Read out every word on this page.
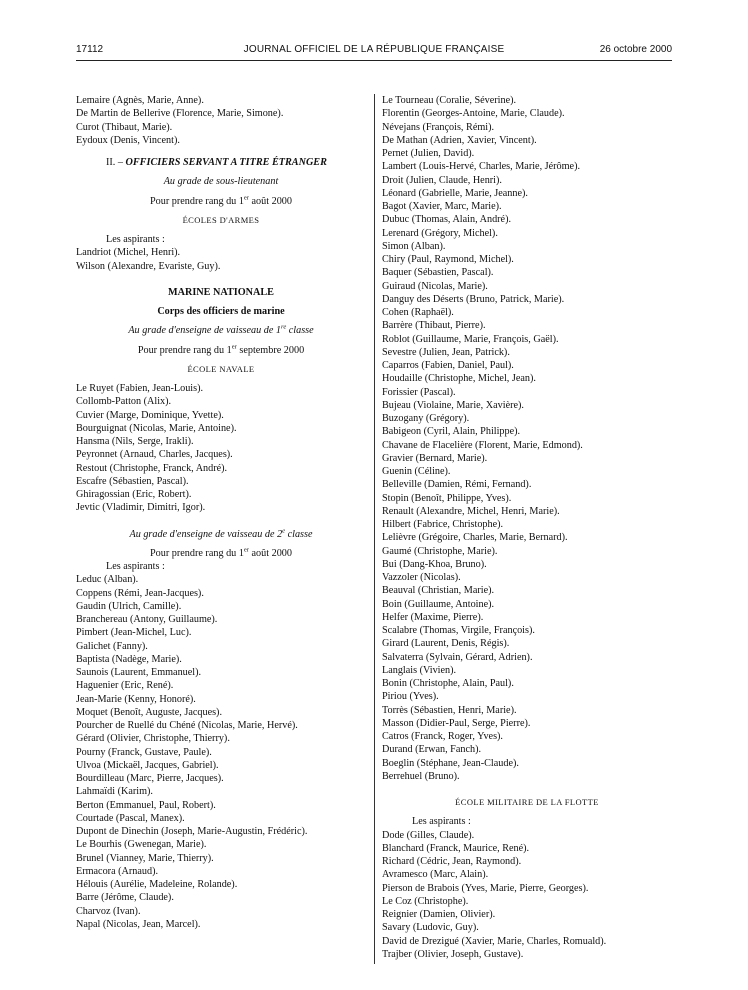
17112	JOURNAL OFFICIEL DE LA RÉPUBLIQUE FRANÇAISE	26 octobre 2000
Lemaire (Agnès, Marie, Anne).
De Martin de Bellerive (Florence, Marie, Simone).
Curot (Thibaut, Marie).
Eydoux (Denis, Vincent).
II. – OFFICIERS SERVANT A TITRE ÉTRANGER
Au grade de sous-lieutenant
Pour prendre rang du 1er août 2000
ÉCOLES D'ARMES
Les aspirants :
Landriot (Michel, Henri).
Wilson (Alexandre, Evariste, Guy).
MARINE NATIONALE
Corps des officiers de marine
Au grade d'enseigne de vaisseau de 1re classe
Pour prendre rang du 1er septembre 2000
ÉCOLE NAVALE
Le Ruyet (Fabien, Jean-Louis).
Collomb-Patton (Alix).
Cuvier (Marge, Dominique, Yvette).
Bourguignat (Nicolas, Marie, Antoine).
Hansma (Nils, Serge, Irakli).
Peyronnet (Arnaud, Charles, Jacques).
Restout (Christophe, Franck, André).
Escafre (Sébastien, Pascal).
Ghiragossian (Eric, Robert).
Jevtic (Vladimir, Dimitri, Igor).
Au grade d'enseigne de vaisseau de 2e classe
Pour prendre rang du 1er août 2000
Les aspirants :
Leduc (Alban).
Coppens (Rémi, Jean-Jacques).
Gaudin (Ulrich, Camille).
Branchereau (Antony, Guillaume).
Pimbert (Jean-Michel, Luc).
Galichet (Fanny).
Baptista (Nadège, Marie).
Saunois (Laurent, Emmanuel).
Haguenier (Eric, René).
Jean-Marie (Kenny, Honoré).
Moquet (Benoît, Auguste, Jacques).
Pourcher de Ruellé du Chéné (Nicolas, Marie, Hervé).
Gérard (Olivier, Christophe, Thierry).
Pourny (Franck, Gustave, Paule).
Ulvoa (Mickaël, Jacques, Gabriel).
Bourdilleau (Marc, Pierre, Jacques).
Lahmaïdi (Karim).
Berton (Emmanuel, Paul, Robert).
Courtade (Pascal, Manex).
Dupont de Dinechin (Joseph, Marie-Augustin, Frédéric).
Le Bourhis (Gwenegan, Marie).
Brunel (Vianney, Marie, Thierry).
Ermacora (Arnaud).
Hélouis (Aurélie, Madeleine, Rolande).
Barre (Jérôme, Claude).
Charvoz (Ivan).
Napal (Nicolas, Jean, Marcel).
Le Tourneau (Coralie, Séverine).
Florentin (Georges-Antoine, Marie, Claude).
Névejans (François, Rémi).
De Mathan (Adrien, Xavier, Vincent).
Pernet (Julien, David).
Lambert (Louis-Hervé, Charles, Marie, Jérôme).
Droit (Julien, Claude, Henri).
Léonard (Gabrielle, Marie, Jeanne).
Bagot (Xavier, Marc, Marie).
Dubuc (Thomas, Alain, André).
Lerenard (Grégory, Michel).
Simon (Alban).
Chiry (Paul, Raymond, Michel).
Baquer (Sébastien, Pascal).
Guiraud (Nicolas, Marie).
Danguy des Déserts (Bruno, Patrick, Marie).
Cohen (Raphaël).
Barrère (Thibaut, Pierre).
Roblot (Guillaume, Marie, François, Gaël).
Sevestre (Julien, Jean, Patrick).
Caparros (Fabien, Daniel, Paul).
Houdaille (Christophe, Michel, Jean).
Forissier (Pascal).
Bujeau (Violaine, Marie, Xavière).
Buzogany (Grégory).
Babigeon (Cyril, Alain, Philippe).
Chavane de Flacelière (Florent, Marie, Edmond).
Gravier (Bernard, Marie).
Guenin (Céline).
Belleville (Damien, Rémi, Fernand).
Stopin (Benoît, Philippe, Yves).
Renault (Alexandre, Michel, Henri, Marie).
Hilbert (Fabrice, Christophe).
Lelièvre (Grégoire, Charles, Marie, Bernard).
Gaumé (Christophe, Marie).
Bui (Dang-Khoa, Bruno).
Vazzoler (Nicolas).
Beauval (Christian, Marie).
Boin (Guillaume, Antoine).
Helfer (Maxime, Pierre).
Scalabre (Thomas, Virgile, François).
Girard (Laurent, Denis, Régis).
Salvaterra (Sylvain, Gérard, Adrien).
Langlais (Vivien).
Bonin (Christophe, Alain, Paul).
Piriou (Yves).
Torrès (Sébastien, Henri, Marie).
Masson (Didier-Paul, Serge, Pierre).
Catros (Franck, Roger, Yves).
Durand (Erwan, Fanch).
Boeglin (Stéphane, Jean-Claude).
Berrehuel (Bruno).
ÉCOLE MILITAIRE DE LA FLOTTE
Les aspirants :
Dode (Gilles, Claude).
Blanchard (Franck, Maurice, René).
Richard (Cédric, Jean, Raymond).
Avramesco (Marc, Alain).
Pierson de Brabois (Yves, Marie, Pierre, Georges).
Le Coz (Christophe).
Reignier (Damien, Olivier).
Savary (Ludovic, Guy).
David de Drezigué (Xavier, Marie, Charles, Romuald).
Trajber (Olivier, Joseph, Gustave).
